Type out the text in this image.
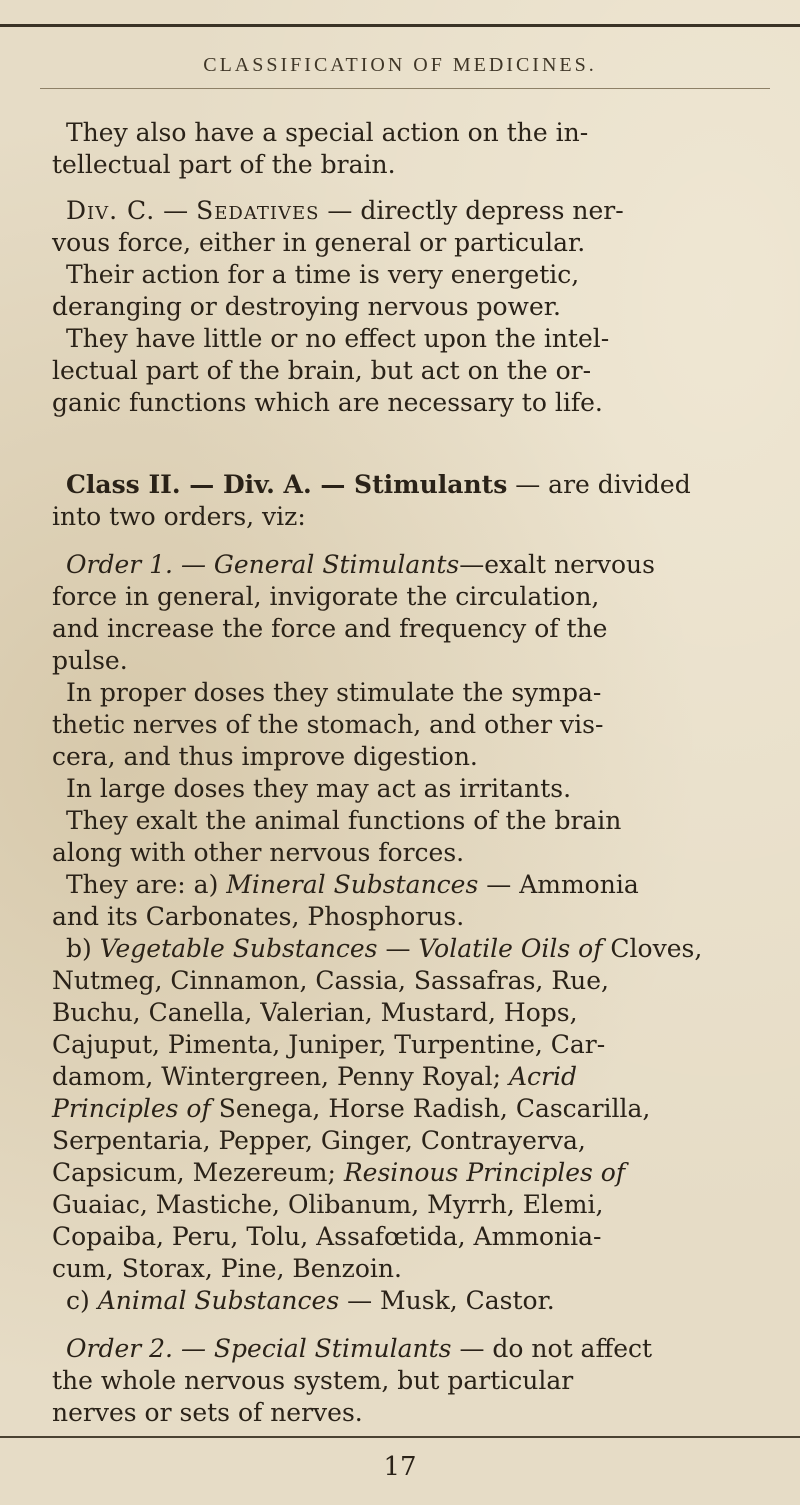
CLASSIFICATION OF MEDICINES.
They also have a special action on the in-
tellectual part of the brain.
Div. C. — Sedatives — directly depress ner-
vous force, either in general or particular.
Their action for a time is very energetic,
deranging or destroying nervous power.
They have little or no effect upon the intel-
lectual part of the brain, but act on the or-
ganic functions which are necessary to life.
Class II. — Div. A. — Stimulants — are divided
into two orders, viz:
Order 1. — General Stimulants—exalt nervous
force in general, invigorate the circulation,
and increase the force and frequency of the
pulse.
In proper doses they stimulate the sympa-
thetic nerves of the stomach, and other vis-
cera, and thus improve digestion.
In large doses they may act as irritants.
They exalt the animal functions of the brain
along with other nervous forces.
They are: a) Mineral Substances — Ammonia
and its Carbonates, Phosphorus.
b) Vegetable Substances — Volatile Oils of Cloves,
Nutmeg, Cinnamon, Cassia, Sassafras, Rue,
Buchu, Canella, Valerian, Mustard, Hops,
Cajuput, Pimenta, Juniper, Turpentine, Car-
damom, Wintergreen, Penny Royal; Acrid
Principles of Senega, Horse Radish, Cascarilla,
Serpentaria, Pepper, Ginger, Contrayerva,
Capsicum, Mezereum; Resinous Principles of
Guaiac, Mastiche, Olibanum, Myrrh, Elemi,
Copaiba, Peru, Tolu, Assafœtida, Ammonia-
cum, Storax, Pine, Benzoin.
c) Animal Substances — Musk, Castor.
Order 2. — Special Stimulants — do not affect
the whole nervous system, but particular
nerves or sets of nerves.
17
